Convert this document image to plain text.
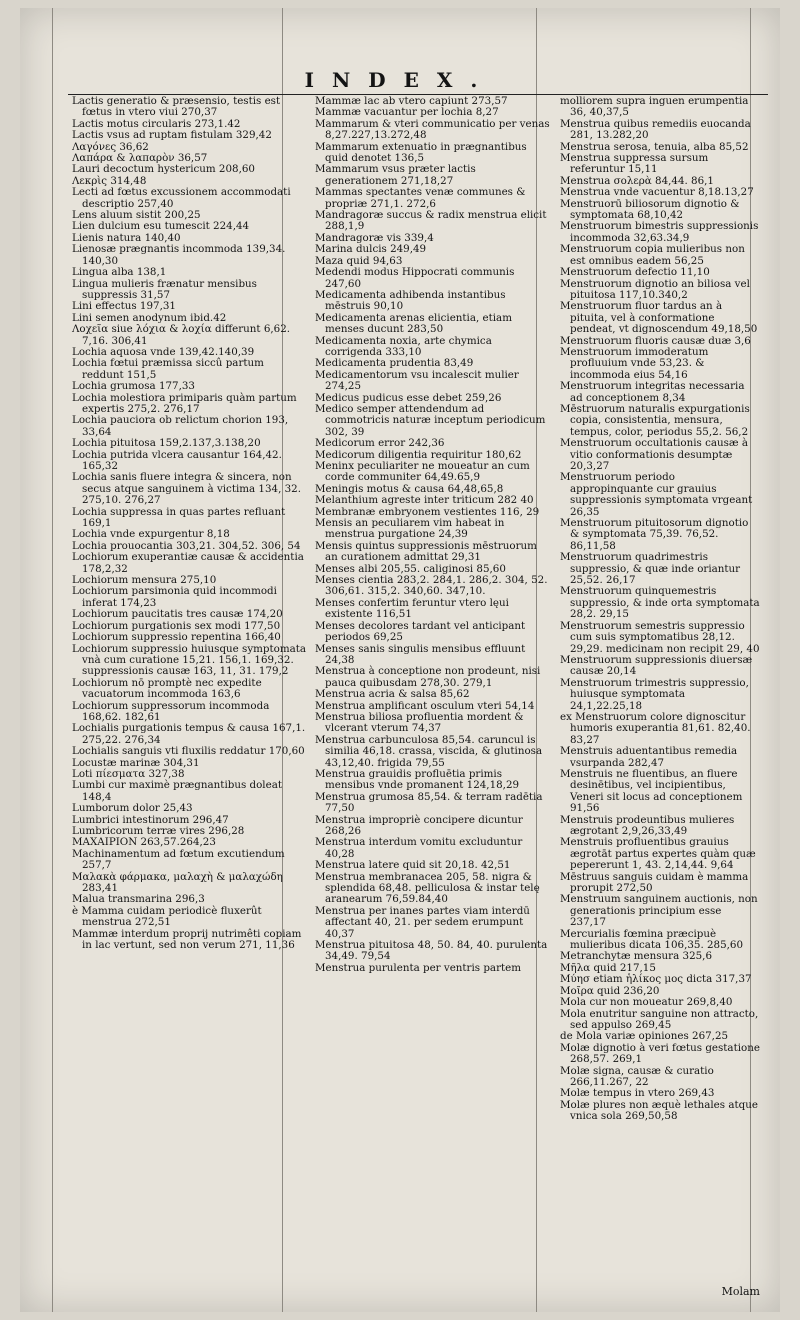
INDEX.

Lactis generatio & præsensio, testis est fœtus in vtero viui 270,37

Lactis motus circularis 273,1.42

Lactis vsus ad ruptam fistulam 329,42

Λαγόνες 36,62

Λαπάρα & λαπαρὸν 36,57

Lauri decoctum hystericum 208,60

Λεκρὶς 314,48

Lecti ad fœtus excussionem accommodati descriptio 257,40

Lens aluum sistit 200,25

Lien dulcium esu tumescit 224,44

Lienis natura 140,40

Lienosæ prægnantis incommoda 139,34. 140,30

Lingua alba 138,1

Lingua mulieris frænatur mensibus suppressis 31,57

Lini effectus 197,31

Lini semen anodynum ibid.42

Λοχεῖα siue λόχια & λοχία differunt 6,62. 7,16. 306,41

Lochia aquosa vnde 139,42.140,39

Lochia fœtui præmissa siccû partum reddunt 151,5

Lochia grumosa 177,33

Lochia molestiora primiparis quàm partum expertis 275,2. 276,17

Lochia pauciora ob relictum chorion 193, 33,64

Lochia pituitosa 159,2.137,3.138,20

Lochia putrida vlcera causantur 164,42. 165,32

Lochia sanis fluere integra & sincera, non secus atque sanguinem à victima 134, 32. 275,10. 276,27

Lochia suppressa in quas partes refluant 169,1

Lochia vnde expurgentur 8,18

Lochia prouocantia 303,21. 304,52. 306, 54

Lochiorum exuperantiæ causæ & accidentia 178,2,32

Lochiorum mensura 275,10

Lochiorum parsimonia quid incommodi inferat 174,23

Lochiorum paucitatis tres causæ 174,20

Lochiorum purgationis sex modi 177,50

Lochiorum suppressio repentina 166,40

Lochiorum suppressio huiusque symptomata vnà cum curatione 15,21. 156,1. 169,32. suppressionis causæ 163, 11, 31. 179,2

Lochiorum nō promptè nec expedite vacuatorum incommoda 163,6

Lochiorum suppressorum incommoda 168,62. 182,61

Lochialis purgationis tempus & causa 167,1. 275,22. 276,34

Lochialis sanguis vti fluxilis reddatur 170,60

Locustæ marinæ 304,31

Loti πίεσματα 327,38

Lumbi cur maximè prægnantibus doleat 148,4

Lumborum dolor 25,43

Lumbrici intestinorum 296,47

Lumbricorum terræ vires 296,28

ΜΑΧΑΙΡΙΟΝ 263,57.264,23

Machinamentum ad fœtum excutiendum 257,7

Μαλακὰ φάρμακα, μαλαχὴ & μαλαχώδη 283,41

Malua transmarina 296,3

è Mamma cuidam periodicè fluxerût menstrua 272,51

Mammæ interdum proprij nutrimêti copiam in lac vertunt, sed non verum 271, 11,36

Mammæ lac ab vtero capiunt 273,57

Mammæ vacuantur per lochia 8,27

Mammarum & vteri communicatio per venas 8,27.227,13.272,48

Mammarum extenuatio in prægnantibus quid denotet 136,5

Mammarum vsus præter lactis generationem 271,18,27

Mammas spectantes venæ communes & propriæ 271,1. 272,6

Mandragoræ succus & radix menstrua elicit 288,1,9

Mandragoræ vis 339,4

Marina dulcis 249,49

Maza quid 94,63

Medendi modus Hippocrati communis 247,60

Medicamenta adhibenda instantibus mēstruis 90,10

Medicamenta arenas elicientia, etiam menses ducunt 283,50

Medicamenta noxia, arte chymica corrigenda 333,10

Medicamenta prudentia 83,49

Medicamentorum vsu incalescit mulier 274,25

Medicus pudicus esse debet 259,26

Medico semper attendendum ad commotricis naturæ inceptum periodicum 302, 39

Medicorum error 242,36

Medicorum diligentia requiritur 180,62

Meninx peculiariter ne moueatur an cum corde communiter 64,49.65,9

Meningis motus & causa 64,48,65,8

Melanthium agreste inter triticum 282 40

Membranæ embryonem vestientes 116, 29

Mensis an peculiarem vim habeat in menstrua purgatione 24,39

Mensis quintus suppressionis mēstruorum an curationem admittat 29,31

Menses albi 205,55. caliginosi 85,60

Menses cientia 283,2. 284,1. 286,2. 304, 52. 306,61. 315,2. 340,60. 347,10.

Menses confertim feruntur vtero lęui existente 116,51

Menses decolores tardant vel anticipant periodos 69,25

Menses sanis singulis mensibus effluunt 24,38

Menstrua à conceptione non prodeunt, nisi pauca quibusdam 278,30. 279,1

Menstrua acria & salsa 85,62

Menstrua amplificant osculum vteri 54,14

Menstrua biliosa profluentia mordent & vlcerant vterum 74,37

Menstrua carbunculosa 85,54. caruncul is similia 46,18. crassa, viscida, & glutinosa 43,12,40. frigida 79,55

Menstrua grauidis profluētia primis mensibus vnde promanent 124,18,29

Menstrua grumosa 85,54. & terram radētia 77,50

Menstrua impropriè concipere dicuntur 268,26

Menstrua interdum vomitu excluduntur 40,28

Menstrua latere quid sit 20,18. 42,51

Menstrua membranacea 205, 58. nigra & splendida 68,48. pelliculosa & instar telę aranearum 76,59.84,40

Menstrua per inanes partes viam interdū affectant 40, 21. per sedem erumpunt 40,37

Menstrua pituitosa 48, 50. 84, 40. purulenta 34,49. 79,54

Menstrua purulenta per ventris partem

molliorem supra inguen erumpentia 36, 40,37,5

Menstrua quibus remediis euocanda 281, 13.282,20

Menstrua serosa, tenuia, alba 85,52

Menstrua suppressa sursum referuntur 15,11

Menstrua σολερὰ 84,44. 86,1

Menstrua vnde vacuentur 8,18.13,27

Menstruorū biliosorum dignotio & symptomata 68,10,42

Menstruorum bimestris suppressionis incommoda 32,63.34,9

Menstruorum copia mulieribus non est omnibus eadem 56,25

Menstruorum defectio 11,10

Menstruorum dignotio an biliosa vel pituitosa 117,10.340,2

Menstruorum fluor tardus an à pituita, vel à conformatione pendeat, vt dignoscendum 49,18,50

Menstruorum fluoris causæ duæ 3,6

Menstruorum immoderatum profluuium vnde 53,23. & incommoda eius 54,16

Menstruorum integritas necessaria ad conceptionem 8,34

Mēstruorum naturalis expurgationis copia, consistentia, mensura, tempus, color, periodus 55,2. 56,2

Menstruorum occultationis causæ à vitio conformationis desumptæ 20,3,27

Menstruorum periodo appropinquante cur grauius suppressionis symptomata vrgeant 26,35

Menstruorum pituitosorum dignotio & symptomata 75,39. 76,52. 86,11,58

Menstruorum quadrimestris suppressio, & quæ inde oriantur 25,52. 26,17

Menstruorum quinquemestris suppressio, & inde orta symptomata 28,2. 29,15

Menstruorum semestris suppressio cum suis symptomatibus 28,12. 29,29. medicinam non recipit 29, 40

Menstruorum suppressionis diuersæ causæ 20,14

Menstruorum trimestris suppressio, huiusque symptomata 24,1,22.25,18

ex Menstruorum colore dignoscitur humoris exuperantia 81,61. 82,40. 83,27

Menstruis aduentantibus remedia vsurpanda 282,47

Menstruis ne fluentibus, an fluere desinētibus, vel incipientibus, Veneri sit locus ad conceptionem 91,56

Menstruis prodeuntibus mulieres ægrotant 2,9,26,33,49

Menstruis profluentibus grauius ægrotāt partus expertes quàm quæ pepererunt 1, 43. 2,14,44. 9,64

Mēstruus sanguis cuidam è mamma prorupit 272,50

Menstruum sanguinem auctionis, non generationis principium esse 237,17

Mercurialis fœmina præcipuè mulieribus dicata 106,35. 285,60

Metranchytæ mensura 325,6

Μῆλα quid 217,15

Μύησ etiam ἡλίκος μος dicta 317,37

Μοῖρα quid 236,20

Mola cur non moueatur 269,8,40

Mola enutritur sanguine non attracto, sed appulso 269,45

de Mola variæ opiniones 267,25

Molæ dignotio à veri fœtus gestatione 268,57. 269,1

Molæ signa, causæ & curatio 266,11.267, 22

Molæ tempus in vtero 269,43

Molæ plures non æquè lethales atque vnica sola 269,50,58

Molam
